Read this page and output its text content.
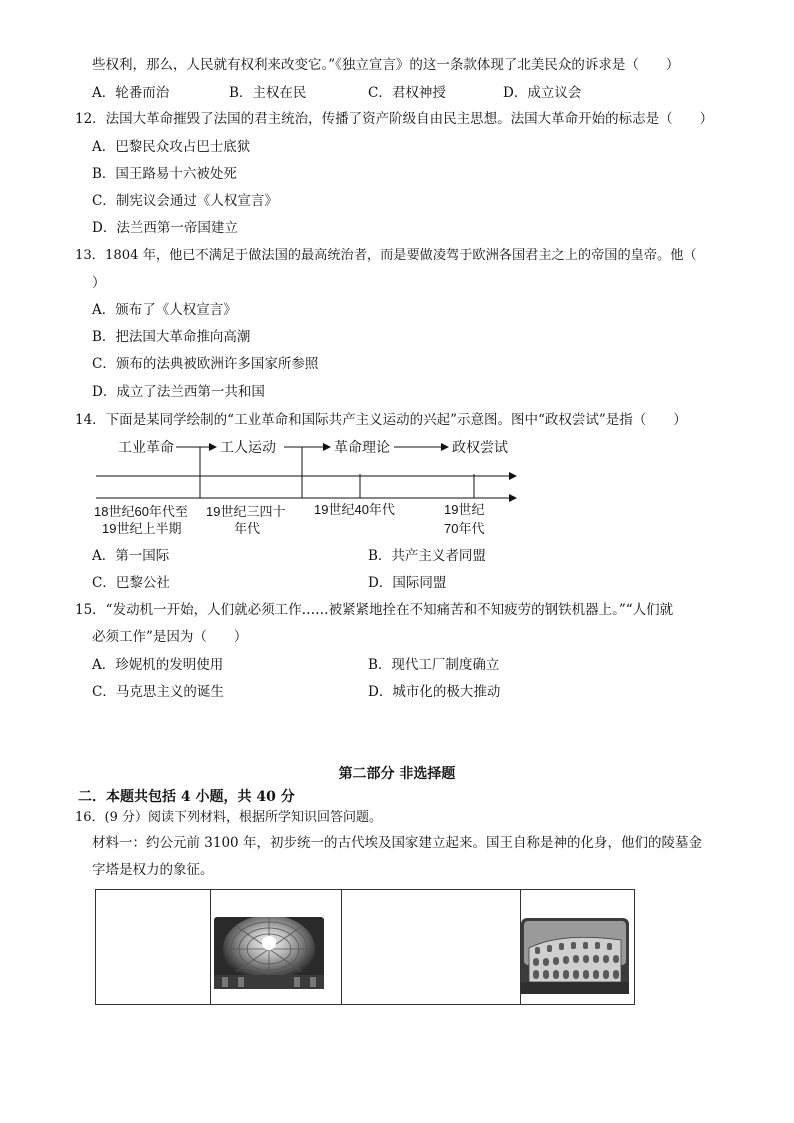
些权利，那么，人民就有权利来改变它。”《独立宣言》的这一条款体现了北美民众的诉求是（　　）
A．轮番而治	B．主权在民	C．君权神授	D．成立议会
12．法国大革命摧毁了法国的君主统治，传播了资产阶级自由民主思想。法国大革命开始的标志是（　　）
A．巴黎民众攻占巴士底狱
B．国王路易十六被处死
C．制宪议会通过《人权宣言》
D．法兰西第一帝国建立
13．1804 年，他已不满足于做法国的最高统治者，而是要做凌驾于欧洲各国君主之上的帝国的皇帝。他（
）
A．颁布了《人权宣言》
B．把法国大革命推向高潮
C．颁布的法典被欧洲许多国家所参照
D．成立了法兰西第一共和国
14．下面是某同学绘制的“工业革命和国际共产主义运动的兴起”示意图。图中“政权尝试”是指（　　）
工业革命	工人运动	革命理论	政权尝试
18世纪60年代至
19世纪上半期
19世纪三四十
年代
19世纪40年代	19世纪
70年代
A．第一国际	B．共产主义者同盟
C．巴黎公社	D．国际同盟
15．“发动机一开始，人们就必须工作……被紧紧地拴在不知痛苦和不知疲劳的钢铁机器上。”“人们就
必须工作”是因为（　　）
A．珍妮机的发明使用	B．现代工厂制度确立
C．马克思主义的诞生	D．城市化的极大推动
第二部分 非选择题
二．本题共包括 4 小题，共 40 分
16．(9 分）阅读下列材料，根据所学知识回答问题。
材料一：约公元前 3100 年，初步统一的古代埃及国家建立起来。国王自称是神的化身，他们的陵墓金
字塔是权力的象征。
